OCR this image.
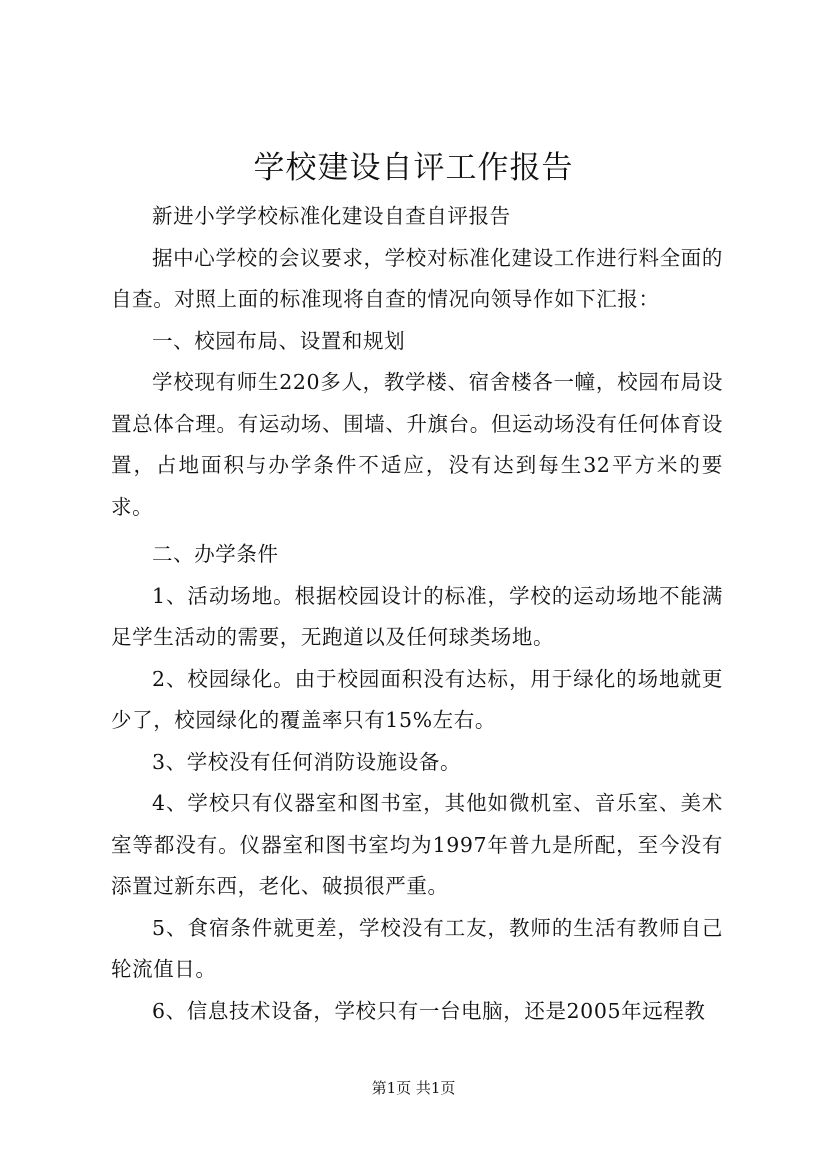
学校建设自评工作报告

新进小学学校标准化建设自查自评报告

据中心学校的会议要求，学校对标准化建设工作进行料全面的自查。对照上面的标准现将自查的情况向领导作如下汇报：

一、校园布局、设置和规划

学校现有师生220多人，教学楼、宿舍楼各一幢，校园布局设置总体合理。有运动场、围墙、升旗台。但运动场没有任何体育设置，占地面积与办学条件不适应，没有达到每生32平方米的要求。

二、办学条件

1、活动场地。根据校园设计的标准，学校的运动场地不能满足学生活动的需要，无跑道以及任何球类场地。

2、校园绿化。由于校园面积没有达标，用于绿化的场地就更少了，校园绿化的覆盖率只有15%左右。

3、学校没有任何消防设施设备。

4、学校只有仪器室和图书室，其他如微机室、音乐室、美术室等都没有。仪器室和图书室均为1997年普九是所配，至今没有添置过新东西，老化、破损很严重。

5、食宿条件就更差，学校没有工友，教师的生活有教师自己轮流值日。

6、信息技术设备，学校只有一台电脑，还是2005年远程教

第1页 共1页
